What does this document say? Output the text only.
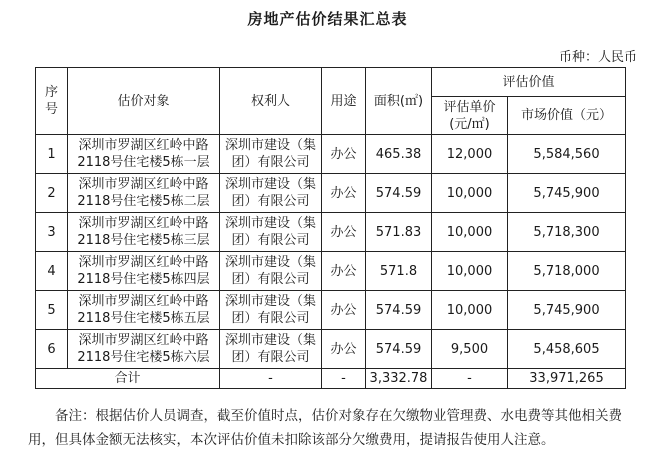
房地产估价结果汇总表
币种：人民币
序号	估价对象	权利人	用途	面积(㎡)	评估价值	
					评估单价(元/㎡)	市场价值（元）
1	深圳市罗湖区红岭中路2118号住宅楼5栋一层	深圳市建设（集团）有限公司	办公	465.38	12,000	5,584,560
2	深圳市罗湖区红岭中路2118号住宅楼5栋二层	深圳市建设（集团）有限公司	办公	574.59	10,000	5,745,900
3	深圳市罗湖区红岭中路2118号住宅楼5栋三层	深圳市建设（集团）有限公司	办公	571.83	10,000	5,718,300
4	深圳市罗湖区红岭中路2118号住宅楼5栋四层	深圳市建设（集团）有限公司	办公	571.8	10,000	5,718,000
5	深圳市罗湖区红岭中路2118号住宅楼5栋五层	深圳市建设（集团）有限公司	办公	574.59	10,000	5,745,900
6	深圳市罗湖区红岭中路2118号住宅楼5栋六层	深圳市建设（集团）有限公司	办公	574.59	9,500	5,458,605
合计		-	-	3,332.78	-	33,971,265
备注：根据估价人员调查，截至价值时点，估价对象存在欠缴物业管理费、水电费等其他相关费用，但具体金额无法核实，本次评估价值未扣除该部分欠缴费用，提请报告使用人注意。
